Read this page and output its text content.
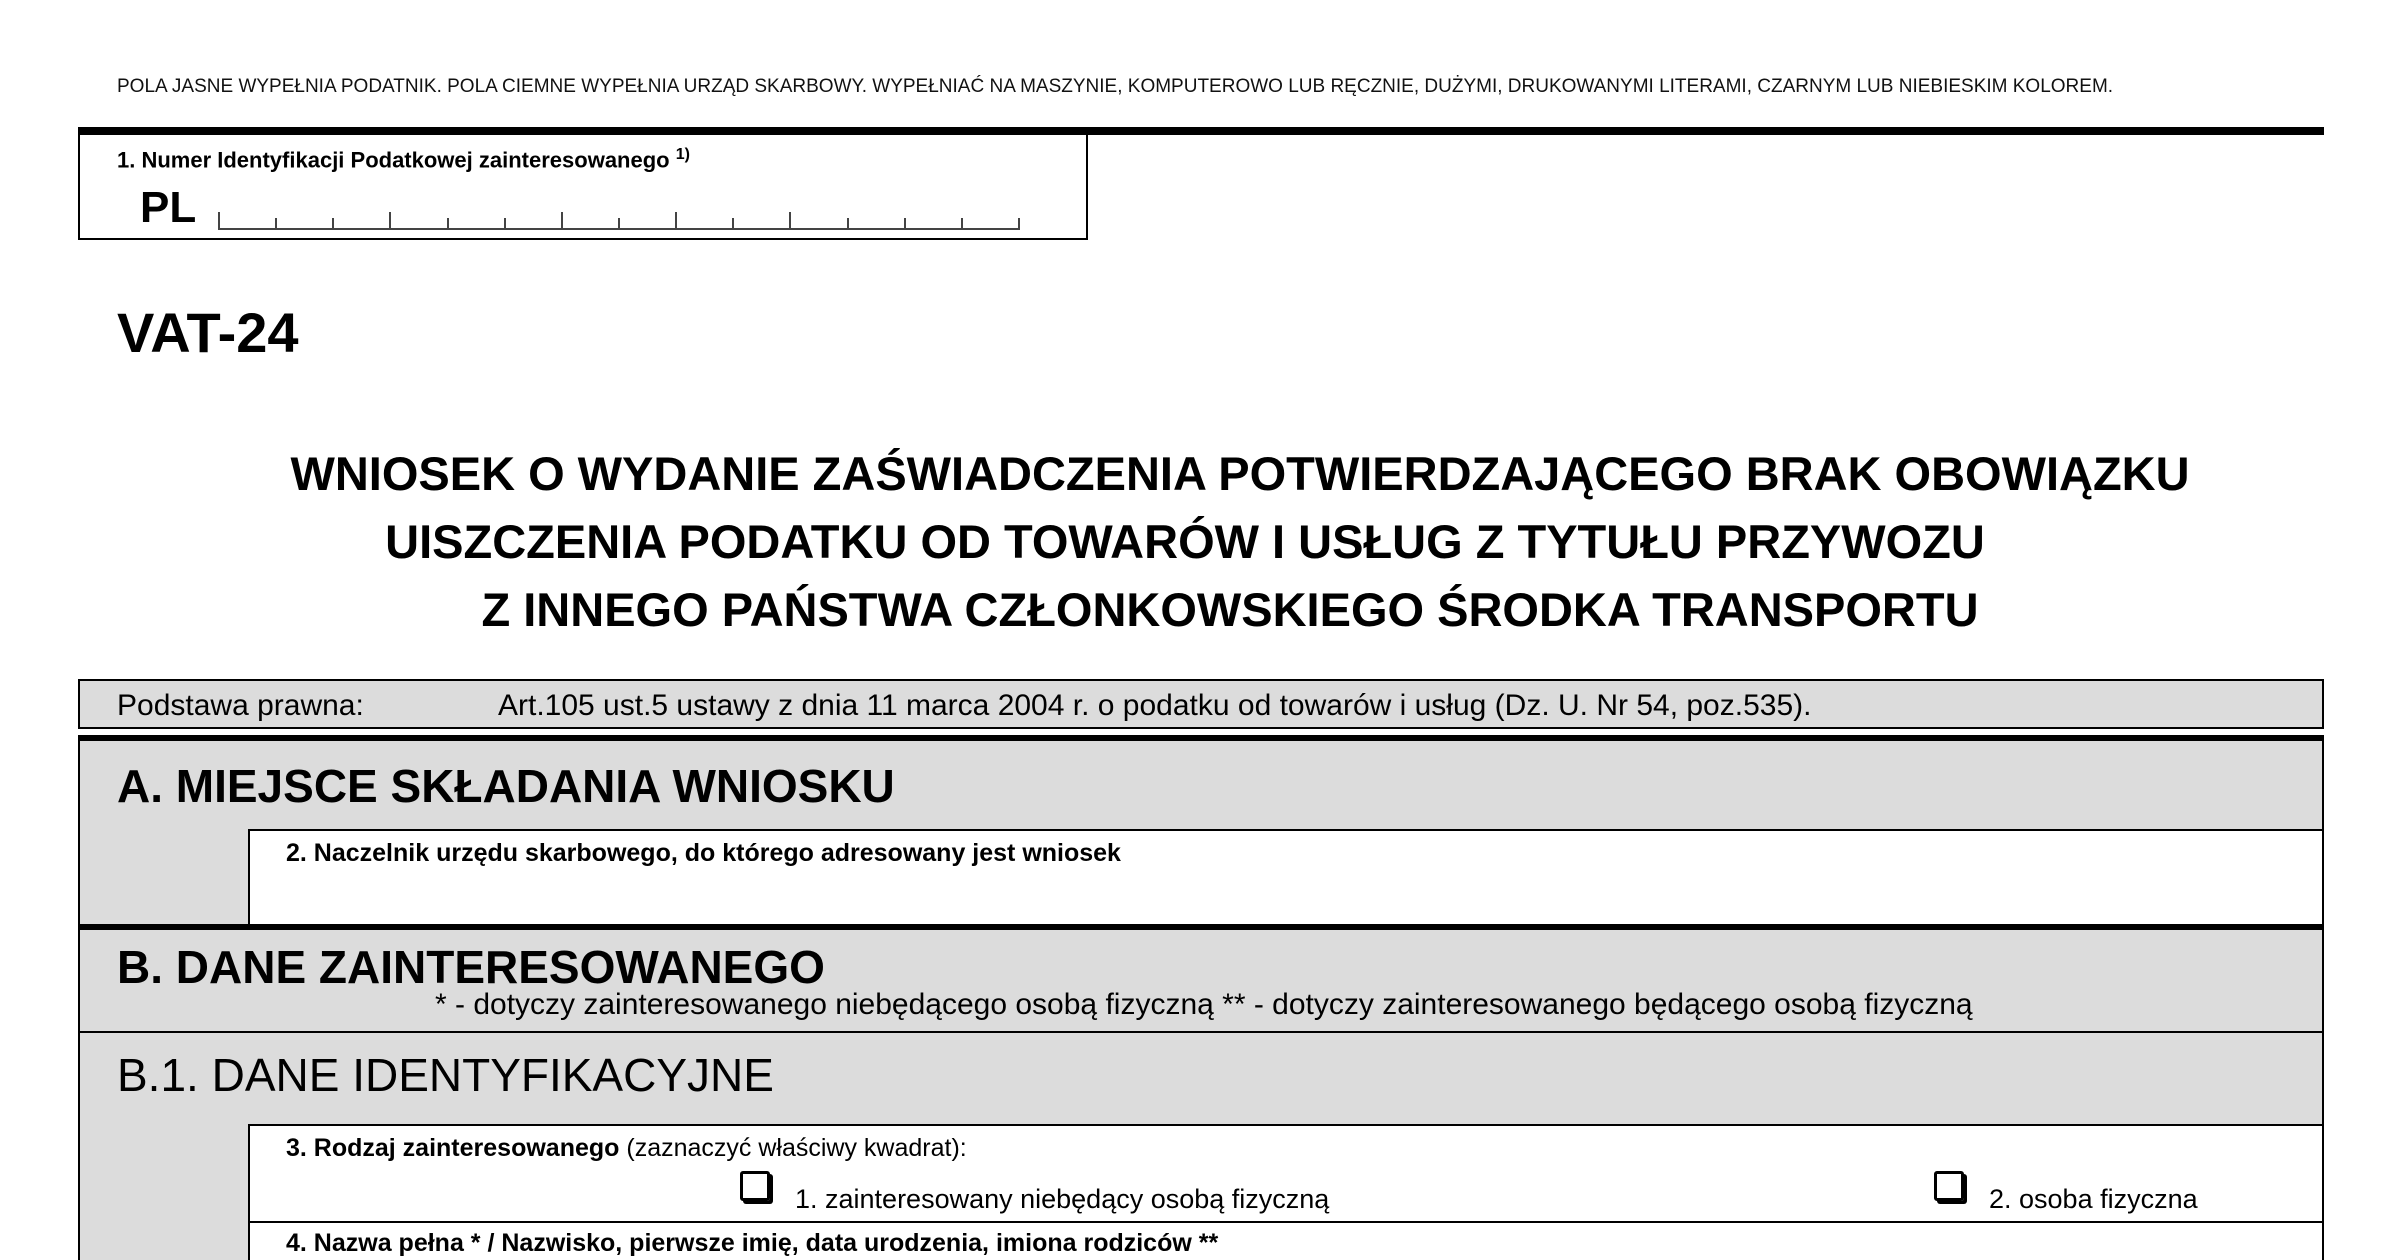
POLA JASNE WYPEŁNIA PODATNIK. POLA CIEMNE WYPEŁNIA URZĄD SKARBOWY. WYPEŁNIAĆ NA MASZYNIE, KOMPUTEROWO LUB RĘCZNIE, DUŻYMI, DRUKOWANYMI LITERAMI, CZARNYM LUB NIEBIESKIM KOLOREM.
1. Numer Identyfikacji Podatkowej zainteresowanego $^{1)}$
PL
VAT-24
WNIOSEK O WYDANIE ZAŚWIADCZENIA POTWIERDZAJĄCEGO BRAK OBOWIĄZKU
UISZCZENIA PODATKU OD TOWARÓW I USŁUG Z TYTUŁU PRZYWOZU
Z INNEGO PAŃSTWA CZŁONKOWSKIEGO ŚRODKA TRANSPORTU
Podstawa prawna:	Art.105 ust.5 ustawy z dnia 11 marca 2004 r. o podatku od towarów i usług (Dz. U. Nr 54, poz.535).
A. MIEJSCE SKŁADANIA WNIOSKU
2. Naczelnik urzędu skarbowego, do którego adresowany jest wniosek
B. DANE ZAINTERESOWANEGO
* - dotyczy zainteresowanego niebędącego osobą fizyczną ** - dotyczy zainteresowanego będącego osobą fizyczną
B.1. DANE IDENTYFIKACYJNE
3. Rodzaj zainteresowanego (zaznaczyć właściwy kwadrat):
1. zainteresowany niebędący osobą fizyczną	2. osoba fizyczna
4. Nazwa pełna * / Nazwisko, pierwsze imię, data urodzenia, imiona rodziców **
